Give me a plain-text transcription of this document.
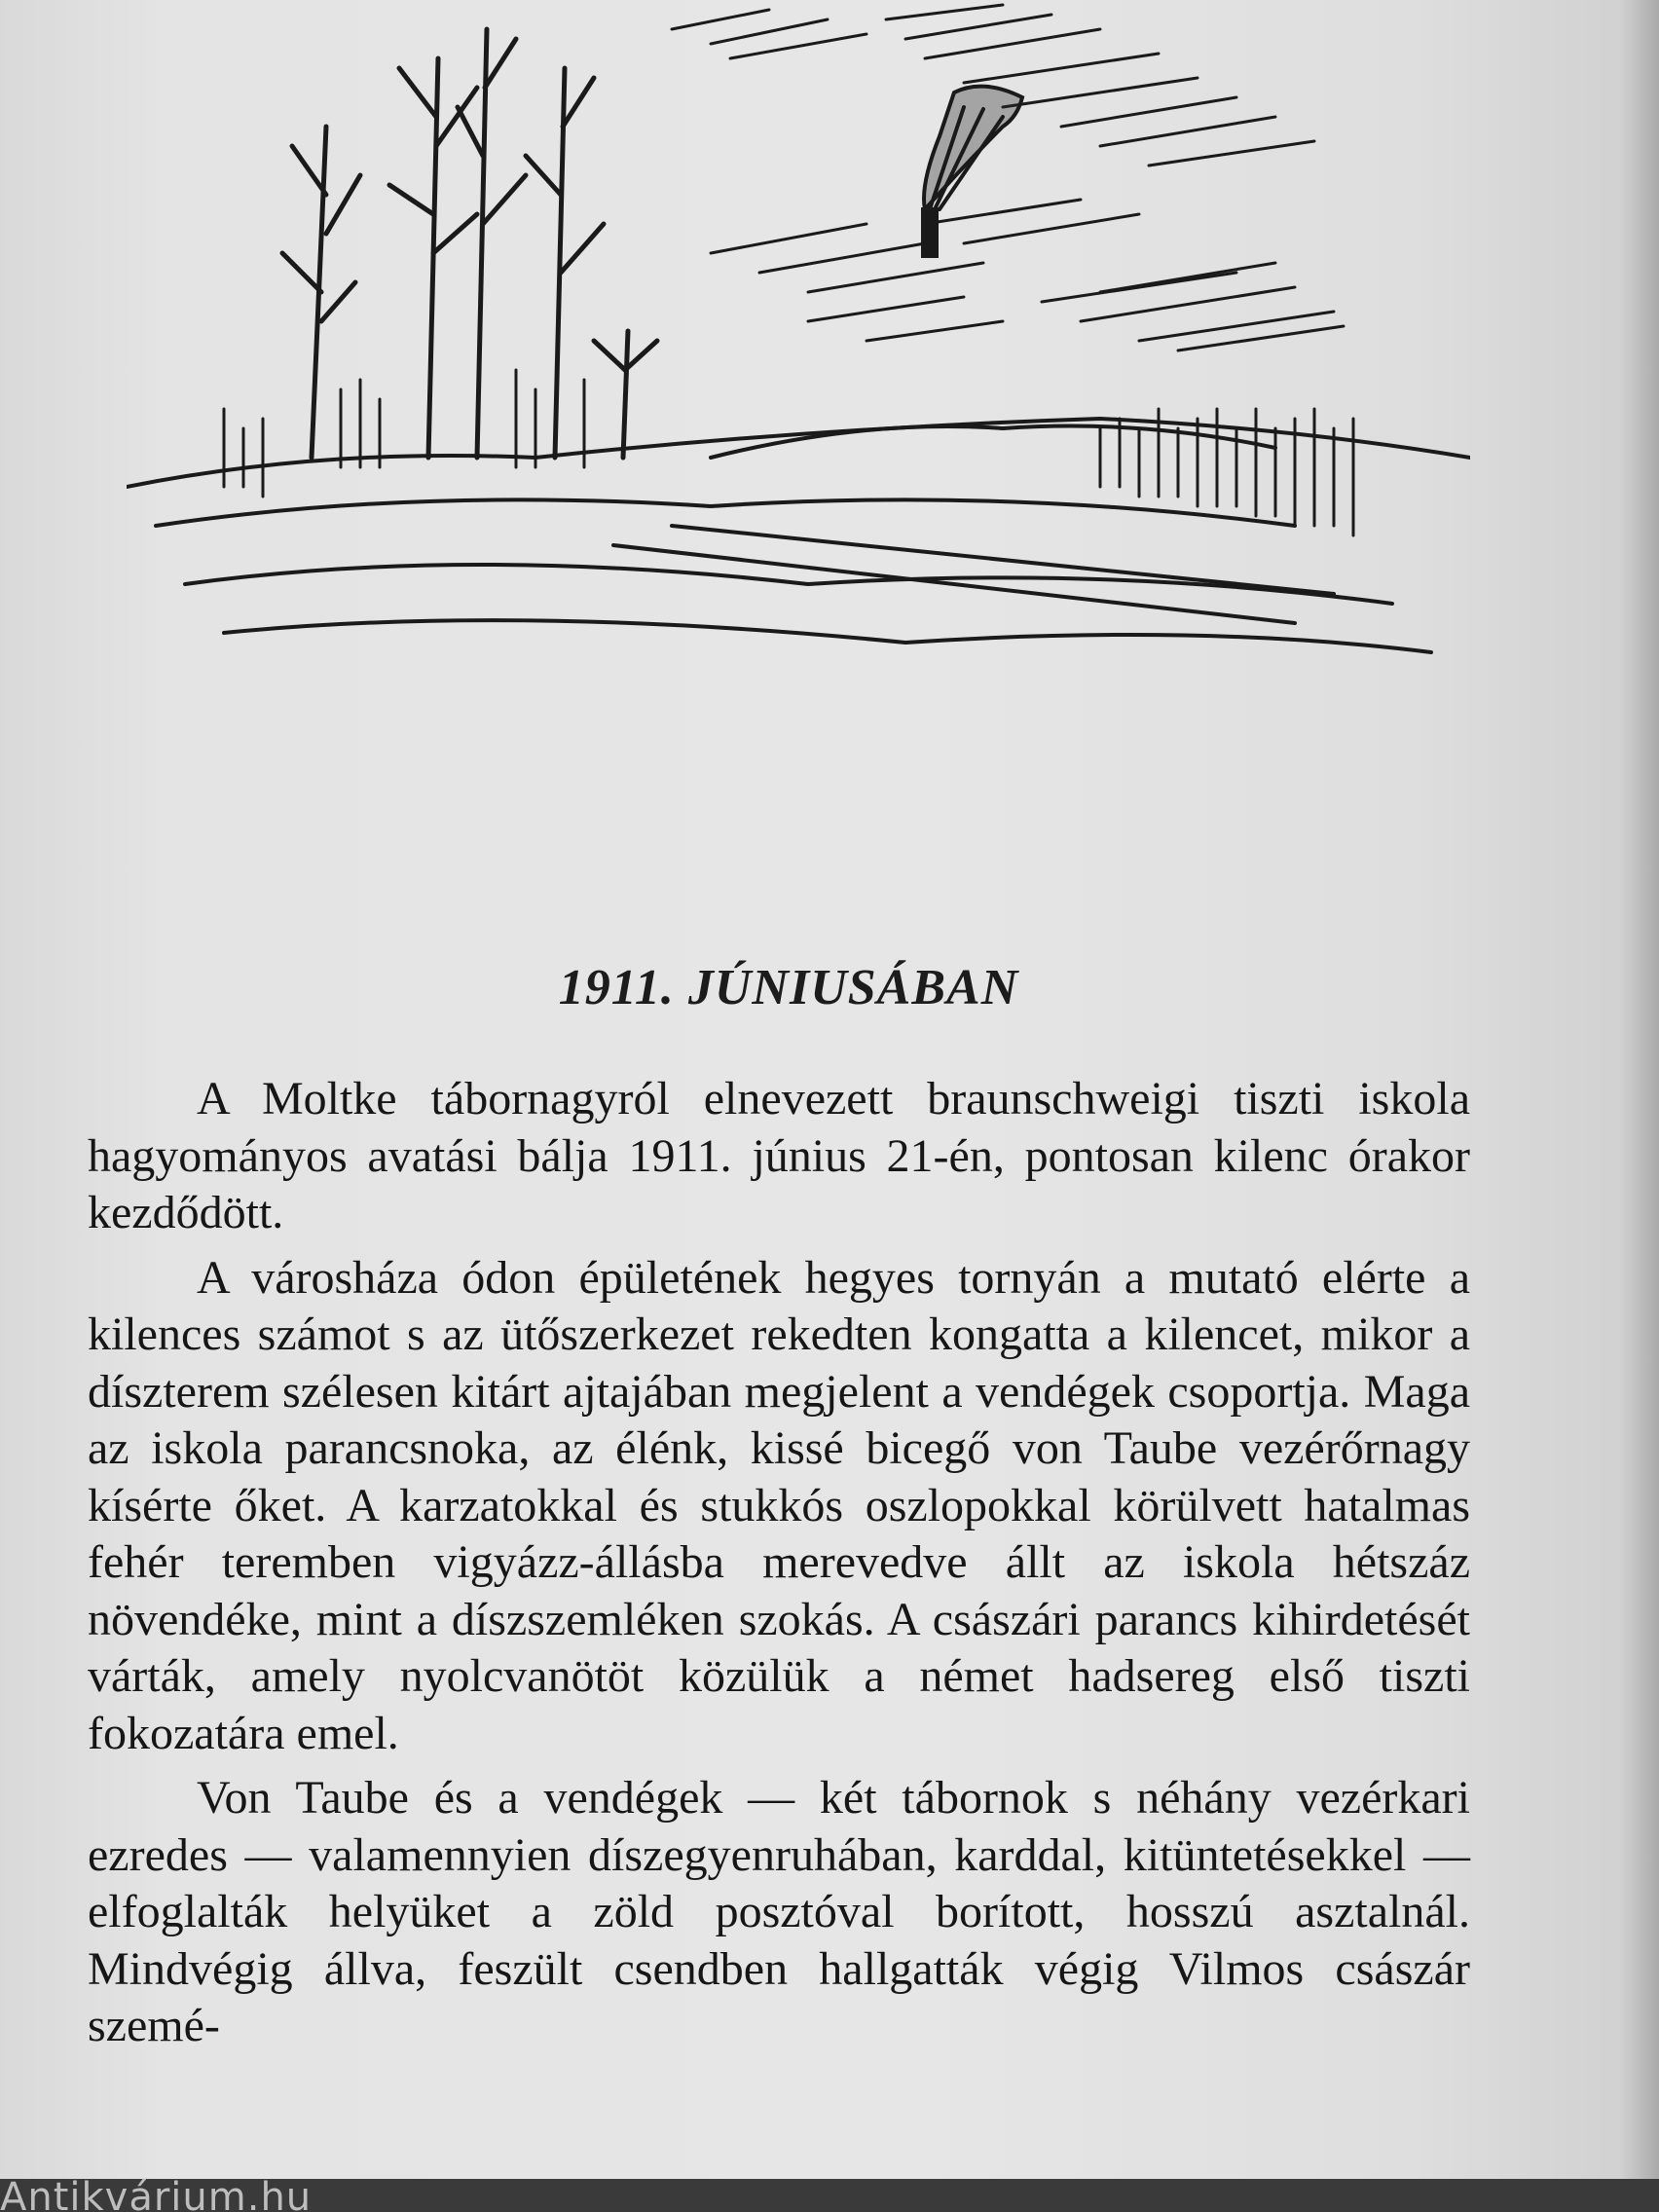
1911. JÚNIUSÁBAN

A Moltke tábornagyról elnevezett braunschweigi tiszti iskola hagyományos avatási bálja 1911. június 21-én, pontosan kilenc órakor kezdődött.

A városháza ódon épületének hegyes tornyán a mutató elérte a kilences számot s az ütőszerkezet rekedten kongatta a kilencet, mikor a díszterem szélesen kitárt ajtajában megjelent a vendégek csoportja. Maga az iskola parancsnoka, az élénk, kissé bicegő von Taube vezérőrnagy kísérte őket. A karzatokkal és stukkós oszlopokkal körülvett hatalmas fehér teremben vigyázz-állásba merevedve állt az iskola hétszáz növendéke, mint a díszszemléken szokás. A császári parancs kihirdetését várták, amely nyolcvanötöt közülük a német hadsereg első tiszti fokozatára emel.

Von Taube és a vendégek — két tábornok s néhány vezérkari ezredes — valamennyien díszegyenruhában, karddal, kitüntetésekkel — elfoglalták helyüket a zöld posztóval borított, hosszú asztalnál. Mindvégig állva, feszült csendben hallgatták végig Vilmos császár szemé-

Antikvárium.hu
